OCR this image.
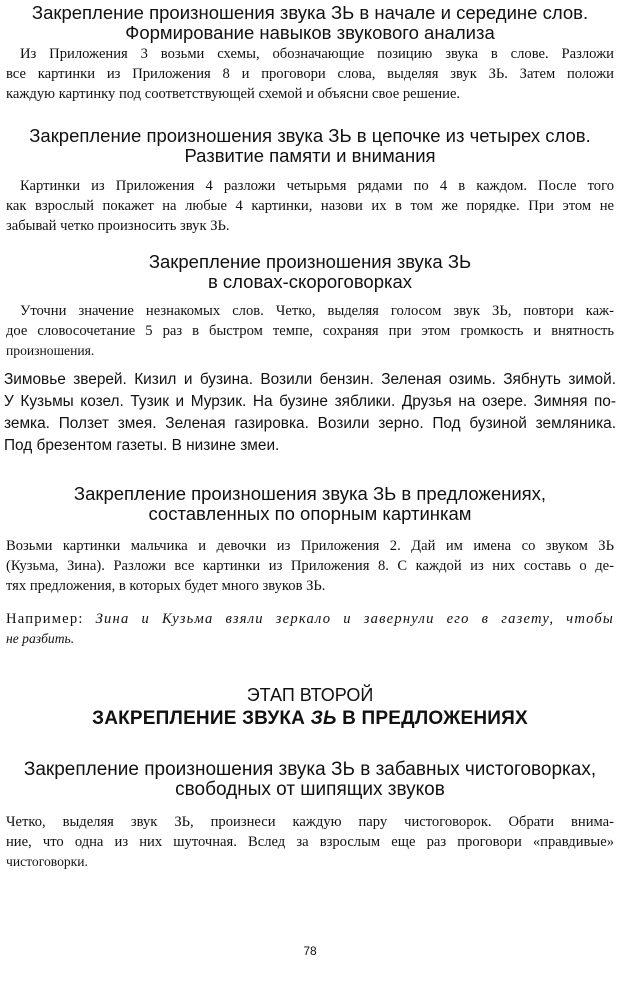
Закрепление произношения звука ЗЬ в начале и середине слов.
Формирование навыков звукового анализа
Из Приложения 3 возьми схемы, обозначающие позицию звука в слове. Разложи
все картинки из Приложения 8 и проговори слова, выделяя звук ЗЬ. Затем положи
каждую картинку под соответствующей схемой и объясни свое решение.
Закрепление произношения звука ЗЬ в цепочке из четырех слов.
Развитие памяти и внимания
Картинки из Приложения 4 разложи четырьмя рядами по 4 в каждом. После того
как взрослый покажет на любые 4 картинки, назови их в том же порядке. При этом не
забывай четко произносить звук ЗЬ.
Закрепление произношения звука ЗЬ
в словах-скороговорках
Уточни значение незнакомых слов. Четко, выделяя голосом звук ЗЬ, повтори каж-
дое словосочетание 5 раз в быстром темпе, сохраняя при этом громкость и внятность
произношения.
Зимовье зверей. Кизил и бузина. Возили бензин. Зеленая озимь. Зябнуть зимой.
У Кузьмы козел. Тузик и Мурзик. На бузине зяблики. Друзья на озере. Зимняя по-
земка. Ползет змея. Зеленая газировка. Возили зерно. Под бузиной земляника.
Под брезентом газеты. В низине змеи.
Закрепление произношения звука ЗЬ в предложениях,
составленных по опорным картинкам
Возьми картинки мальчика и девочки из Приложения 2. Дай им имена со звуком ЗЬ
(Кузьма, Зина). Разложи все картинки из Приложения 8. С каждой из них составь о де-
тях предложения, в которых будет много звуков ЗЬ.
Например: Зина и Кузьма взяли зеркало и завернули его в газету, чтобы
не разбить.
ЭТАП ВТОРОЙ
ЗАКРЕПЛЕНИЕ ЗВУКА ЗЬ В ПРЕДЛОЖЕНИЯХ
Закрепление произношения звука ЗЬ в забавных чистоговорках,
свободных от шипящих звуков
Четко, выделяя звук ЗЬ, произнеси каждую пару чистоговорок. Обрати внима-
ние, что одна из них шуточная. Вслед за взрослым еще раз проговори «правдивые»
чистоговорки.
78
